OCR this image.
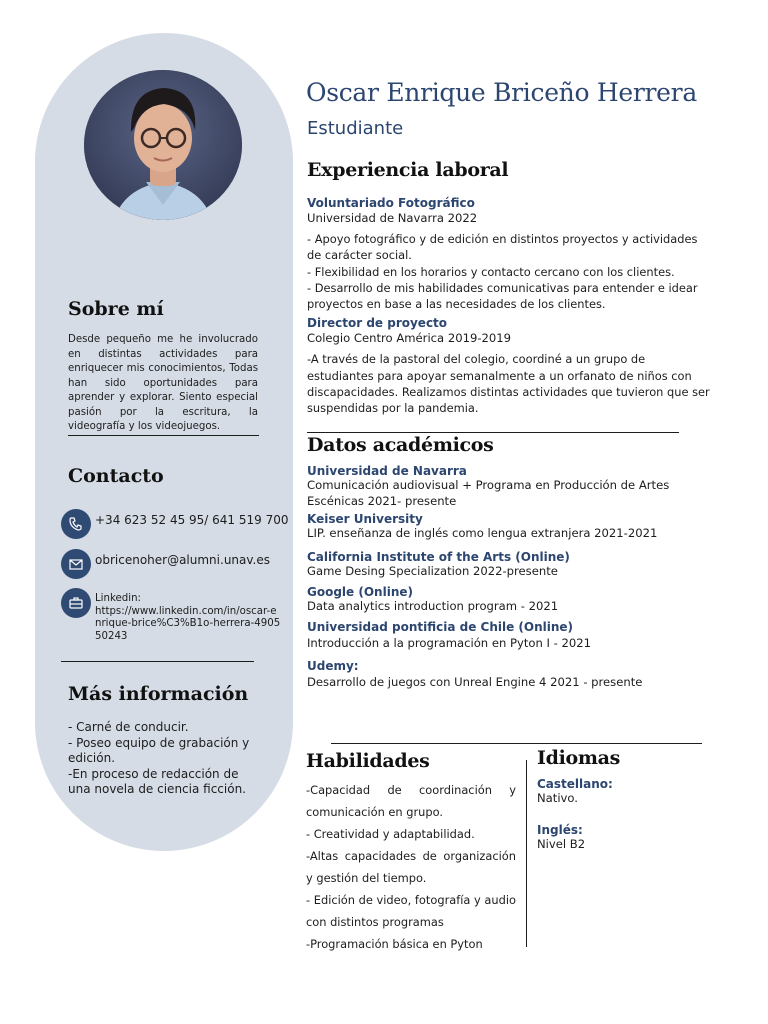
Sobre mí
Desde pequeño me he involucrado en distintas actividades para enriquecer mis conocimientos, Todas han sido oportunidades para aprender y explorar. Siento especial pasión por la escritura, la videografía y los videojuegos.
Contacto
+34 623 52 45 95/ 641 519 700
obricenoher@alumni.unav.es
Linkedin:
https://www.linkedin.com/in/oscar-enrique-brice%C3%B1o-herrera-490550243
Más información

- Carné de conducir.

- Poseo equipo de grabación y edición.

-En proceso de redacción de una novela de ciencia ficción.

Oscar Enrique Briceño Herrera
Estudiante
Experiencia laboral
Voluntariado Fotográfico
Universidad de Navarra 2022

- Apoyo fotográfico y de edición en distintos proyectos y actividades de carácter social.

- Flexibilidad en los horarios y contacto cercano con los clientes.

- Desarrollo de mis habilidades comunicativas para entender e idear proyectos en base a las necesidades de los clientes.

Director de proyecto
Colegio Centro América 2019-2019

-A través de la pastoral del colegio, coordiné a un grupo de estudiantes para apoyar semanalmente a un orfanato de niños con discapacidades. Realizamos distintas actividades que tuvieron que ser suspendidas por la pandemia.

Datos académicos
Universidad de Navarra
Comunicación audiovisual + Programa en Producción de Artes Escénicas 2021- presente
Keiser University
LIP. enseñanza de inglés como lengua extranjera 2021-2021
California Institute of the Arts (Online)
Game Desing Specialization 2022-presente
Google (Online)
Data analytics introduction program - 2021
Universidad pontificia de Chile (Online)
Introducción a la programación en Pyton I - 2021
Udemy:
Desarrollo de juegos con Unreal Engine 4 2021 - presente
Habilidades

-Capacidad de coordinación y comunicación en grupo.

- Creatividad y adaptabilidad.

-Altas capacidades de organización y gestión del tiempo.

- Edición de video, fotografía y audio con distintos programas

-Programación básica en Pyton

Idiomas
Castellano:
Nativo.
Inglés:
Nivel B2
